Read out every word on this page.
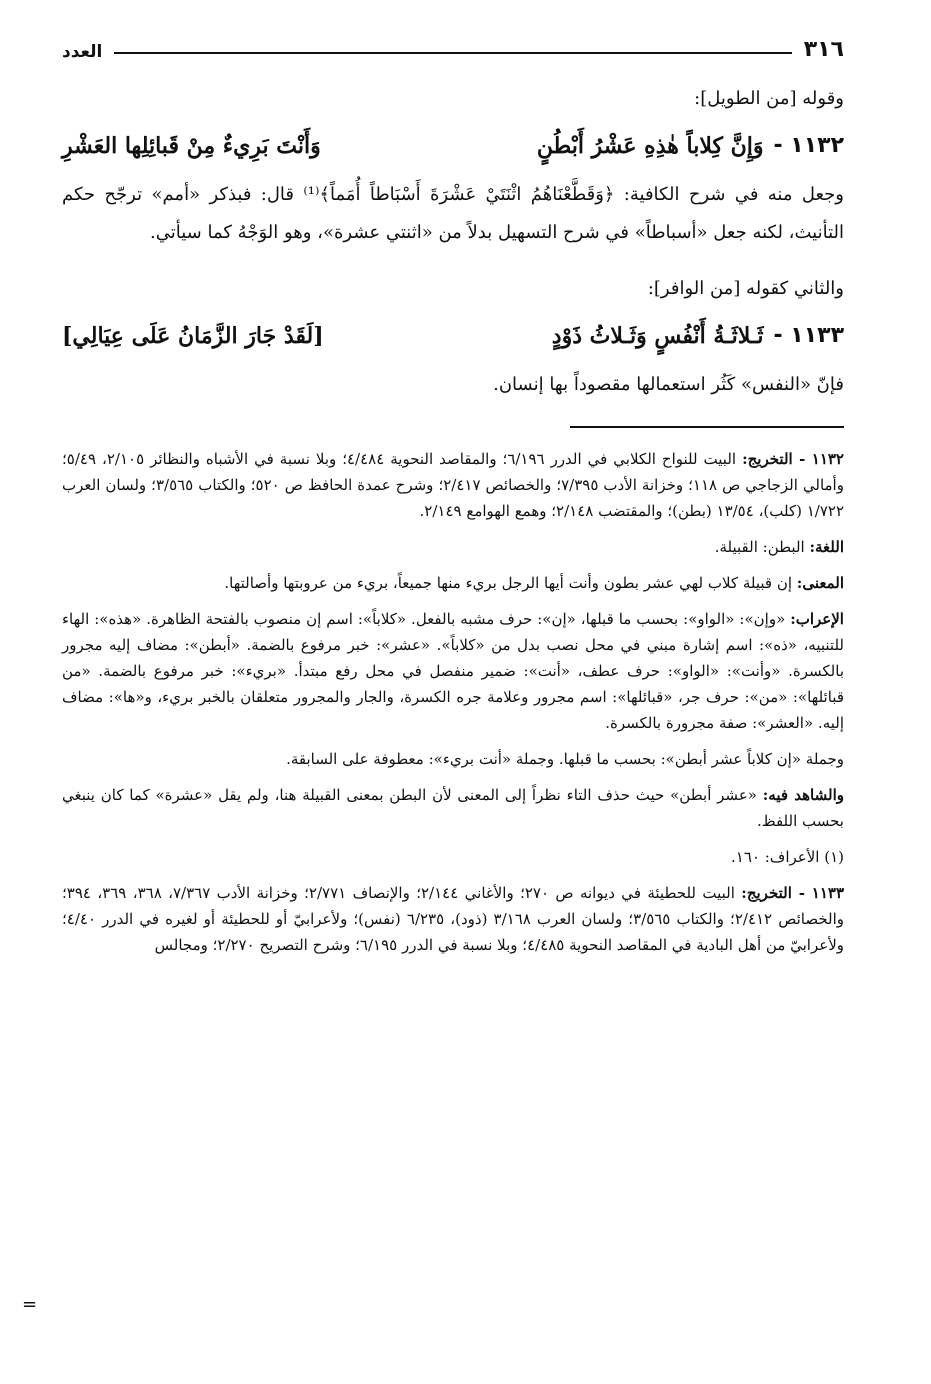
٣١٦
العدد

وقوله [من الطويل]:

١١٣٢ -
وَإِنَّ كِلاباً هٰذِهِ عَشْرُ أَبْطُنٍ
وَأَنْتَ بَرِيءٌ مِنْ قَبائِلِها العَشْرِ

وجعل منه في شرح الكافية: ﴿وَقَطَّعْنَاهُمُ اثْنَتَيْ عَشْرَةَ أَسْبَاطاً أُمَماً﴾⁽¹⁾ قال: فبذكر «أمم» ترجّح حكم التأنيث، لكنه جعل «أسباطاً» في شرح التسهيل بدلاً من «اثنتي عشرة»، وهو الوَجْهُ كما سيأتي.

والثاني كقوله [من الوافر]:

١١٣٣ -
ثَـلاثَـةُ أَنْفُسٍ وَثَـلاثُ ذَوْدٍ
[لَقَدْ جَارَ الزَّمَانُ عَلَى عِيَالِي]

فإنّ «النفس» كَثُر استعمالها مقصوداً بها إنسان.

١١٣٢ - التخريج: البيت للنواح الكلابي في الدرر ٦/١٩٦؛ والمقاصد النحوية ٤/٤٨٤؛ وبلا نسبة في الأشباه والنظائر ٢/١٠٥، ٥/٤٩؛ وأمالي الزجاجي ص ١١٨؛ وخزانة الأدب ٧/٣٩٥؛ والخصائص ٢/٤١٧؛ وشرح عمدة الحافظ ص ٥٢٠؛ والكتاب ٣/٥٦٥؛ ولسان العرب ١/٧٢٢ (كلب)، ١٣/٥٤ (بطن)؛ والمقتضب ٢/١٤٨؛ وهمع الهوامع ٢/١٤٩.

اللغة: البطن: القبيلة.

المعنى: إن قبيلة كلاب لهي عشر بطون وأنت أيها الرجل بريء منها جميعاً، بريء من عروبتها وأصالتها.

الإعراب: «وإن»: «الواو»: بحسب ما قبلها، «إن»: حرف مشبه بالفعل. «كلاباً»: اسم إن منصوب بالفتحة الظاهرة. «هذه»: الهاء للتنبيه، «ذه»: اسم إشارة مبني في محل نصب بدل من «كلاباً». «عشر»: خبر مرفوع بالضمة. «أبطن»: مضاف إليه مجرور بالكسرة. «وأنت»: «الواو»: حرف عطف، «أنت»: ضمير منفصل في محل رفع مبتدأ. «بريء»: خبر مرفوع بالضمة. «من قبائلها»: «من»: حرف جر، «قبائلها»: اسم مجرور وعلامة جره الكسرة، والجار والمجرور متعلقان بالخبر بريء، و«ها»: مضاف إليه. «العشر»: صفة مجرورة بالكسرة.

وجملة «إن كلاباً عشر أبطن»: بحسب ما قبلها. وجملة «أنت بريء»: معطوفة على السابقة.

والشاهد فيه: «عشر أبطن» حيث حذف التاء نظراً إلى المعنى لأن البطن بمعنى القبيلة هنا، ولم يقل «عشرة» كما كان ينبغي بحسب اللفظ.

(١) الأعراف: ١٦٠.

١١٣٣ - التخريج: البيت للحطيئة في ديوانه ص ٢٧٠؛ والأغاني ٢/١٤٤؛ والإنصاف ٢/٧٧١؛ وخزانة الأدب ٧/٣٦٧، ٣٦٨، ٣٦٩، ٣٩٤؛ والخصائص ٢/٤١٢؛ والكتاب ٣/٥٦٥؛ ولسان العرب ٣/١٦٨ (ذود)، ٦/٢٣٥ (نفس)؛ ولأعرابيّ أو للحطيئة أو لغيره في الدرر ٤/٤٠؛ ولأعرابيّ من أهل البادية في المقاصد النحوية ٤/٤٨٥؛ وبلا نسبة في الدرر ٦/١٩٥؛ وشرح التصريح ٢/٢٧٠؛ ومجالس

=
